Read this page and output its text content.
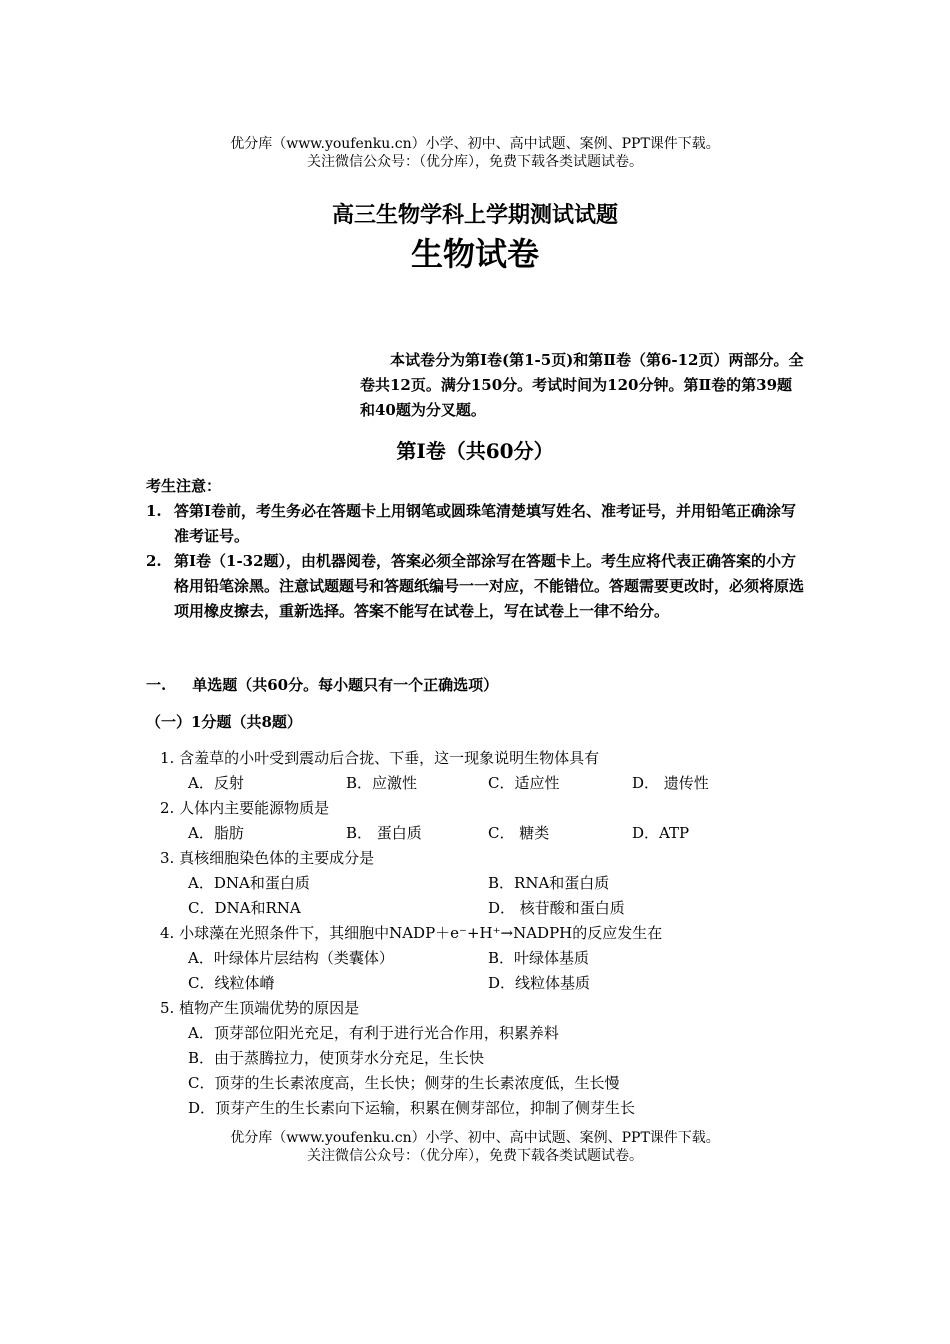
优分库（www.youfenku.cn）小学、初中、高中试题、案例、PPT课件下载。
关注微信公众号：（优分库），免费下载各类试题试卷。
高三生物学科上学期测试试题
生物试卷
本试卷分为第Ⅰ卷(第1-5页)和第Ⅱ卷（第6-12页）两部分。全卷共12页。满分150分。考试时间为120分钟。第Ⅱ卷的第39题和40题为分叉题。
第Ⅰ卷（共60分）
考生注意：
1. 答第Ⅰ卷前，考生务必在答题卡上用钢笔或圆珠笔清楚填写姓名、准考证号，并用铅笔正确涂写准考证号。
2. 第Ⅰ卷（1-32题），由机器阅卷，答案必须全部涂写在答题卡上。考生应将代表正确答案的小方格用铅笔涂黑。注意试题题号和答题纸编号一一对应，不能错位。答题需要更改时，必须将原选项用橡皮擦去，重新选择。答案不能写在试卷上，写在试卷上一律不给分。
一. 单选题（共60分。每小题只有一个正确选项）
（一）1分题（共8题）
1. 含羞草的小叶受到震动后合拢、下垂，这一现象说明生物体具有
A．反射	B．应激性	C．适应性	D． 遗传性
2. 人体内主要能源物质是
A．脂肪	B． 蛋白质	C． 糖类	D．ATP
3. 真核细胞染色体的主要成分是
A．DNA和蛋白质	B．RNA和蛋白质
C．DNA和RNA	D． 核苷酸和蛋白质
4. 小球藻在光照条件下，其细胞中NADP＋e⁻+H⁺→NADPH的反应发生在
A．叶绿体片层结构（类囊体）	B．叶绿体基质
C．线粒体嵴	D．线粒体基质
5. 植物产生顶端优势的原因是
A．顶芽部位阳光充足，有利于进行光合作用，积累养料
B．由于蒸腾拉力，使顶芽水分充足，生长快
C．顶芽的生长素浓度高，生长快；侧芽的生长素浓度低，生长慢
D．顶芽产生的生长素向下运输，积累在侧芽部位，抑制了侧芽生长
优分库（www.youfenku.cn）小学、初中、高中试题、案例、PPT课件下载。
关注微信公众号：（优分库），免费下载各类试题试卷。
